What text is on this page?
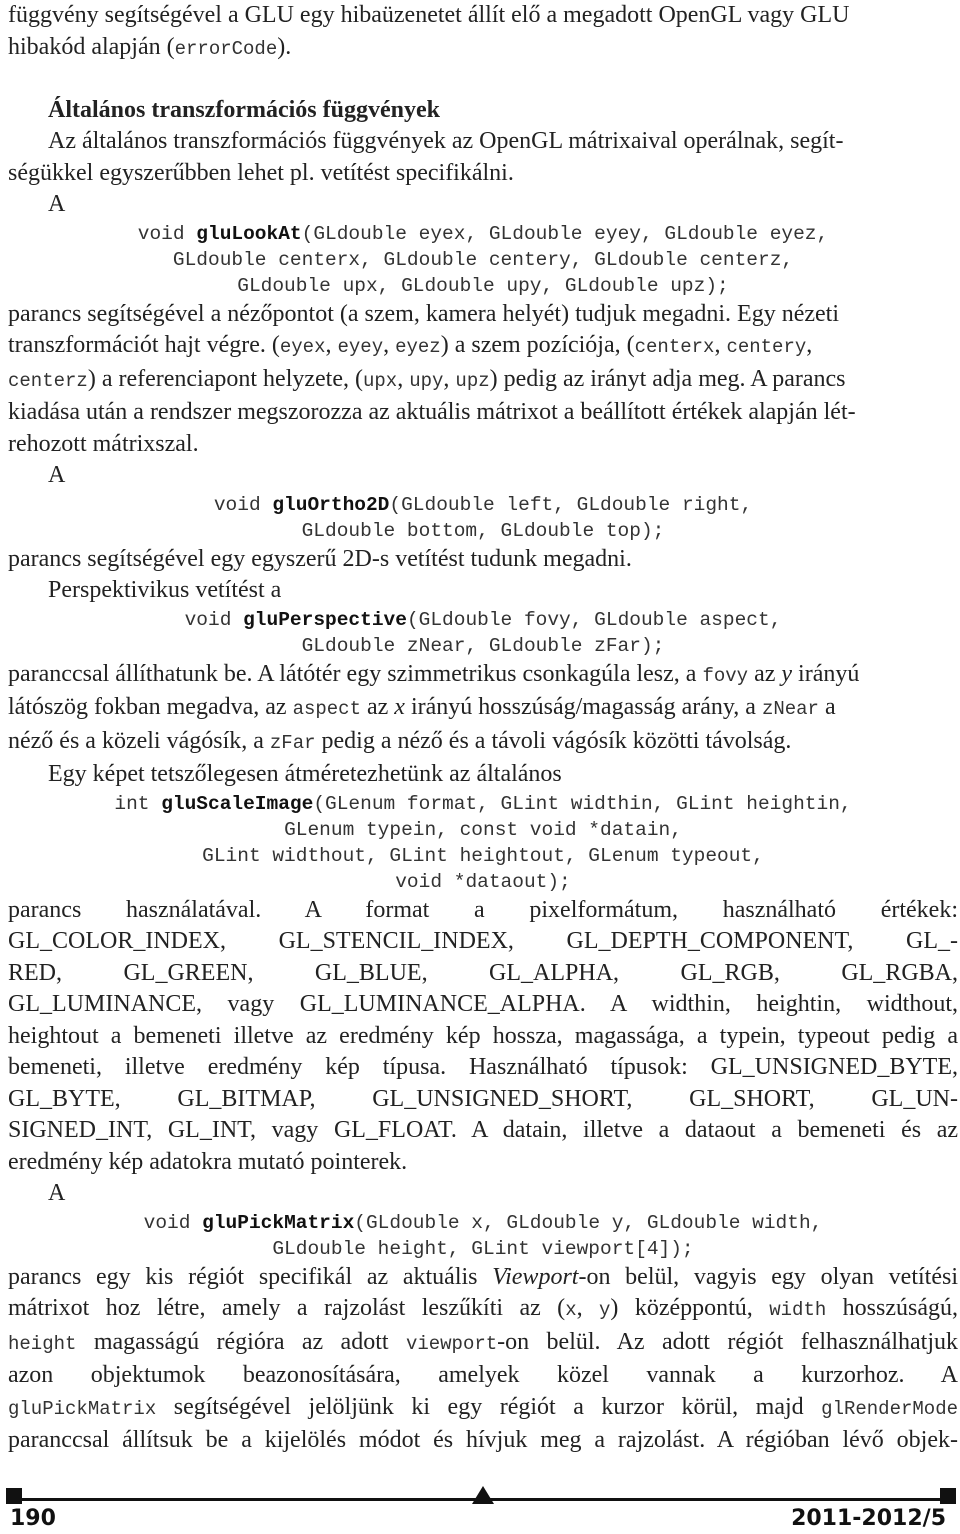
függvény segítségével a GLU egy hibaüzenetet állít elő a megadott OpenGL vagy GLU
hibakód alapján (errorCode).
Általános transzformációs függvények
Az általános transzformációs függvények az OpenGL mátrixaival operálnak, segít-
ségükkel egyszerűbben lehet pl. vetítést specifikálni.
A
void gluLookAt(GLdouble eyex, GLdouble eyey, GLdouble eyez,
GLdouble centerx, GLdouble centery, GLdouble centerz,
GLdouble upx, GLdouble upy, GLdouble upz);
parancs segítségével a nézőpontot (a szem, kamera helyét) tudjuk megadni. Egy nézeti
transzformációt hajt végre. (eyex, eyey, eyez) a szem pozíciója, (centerx, centery,
centerz) a referenciapont helyzete, (upx, upy, upz) pedig az irányt adja meg. A parancs
kiadása után a rendszer megszorozza az aktuális mátrixot a beállított értékek alapján lét-
rehozott mátrixszal.
A
void gluOrtho2D(GLdouble left, GLdouble right,
GLdouble bottom, GLdouble top);
parancs segítségével egy egyszerű 2D-s vetítést tudunk megadni.
Perspektivikus vetítést a
void gluPerspective(GLdouble fovy, GLdouble aspect,
GLdouble zNear, GLdouble zFar);
paranccsal állíthatunk be. A látótér egy szimmetrikus csonkagúla lesz, a fovy az y irányú
látószög fokban megadva, az aspect az x irányú hosszúság/magasság arány, a zNear a
néző és a közeli vágósík, a zFar pedig a néző és a távoli vágósík közötti távolság.
Egy képet tetszőlegesen átméretezhetünk az általános
int gluScaleImage(GLenum format, GLint widthin, GLint heightin,
GLenum typein, const void *datain,
GLint widthout, GLint heightout, GLenum typeout,
void *dataout);
parancs használatával. A format a pixelformátum, használható értékek:
GL_COLOR_INDEX, GL_STENCIL_INDEX, GL_DEPTH_COMPONENT, GL_-
RED, GL_GREEN, GL_BLUE, GL_ALPHA, GL_RGB, GL_RGBA,
GL_LUMINANCE, vagy GL_LUMINANCE_ALPHA. A widthin, heightin, widthout,
heightout a bemeneti illetve az eredmény kép hossza, magassága, a typein, typeout pedig a
bemeneti, illetve eredmény kép típusa. Használható típusok: GL_UNSIGNED_BYTE,
GL_BYTE, GL_BITMAP, GL_UNSIGNED_SHORT, GL_SHORT, GL_UN-
SIGNED_INT, GL_INT, vagy GL_FLOAT. A datain, illetve a dataout a bemeneti és az
eredmény kép adatokra mutató pointerek.
A
void gluPickMatrix(GLdouble x, GLdouble y, GLdouble width,
GLdouble height, GLint viewport[4]);
parancs egy kis régiót specifikál az aktuális Viewport-on belül, vagyis egy olyan vetítési
mátrixot hoz létre, amely a rajzolást leszűkíti az (x, y) középpontú, width hosszúságú,
height magasságú régióra az adott viewport-on belül. Az adott régiót felhasználhatjuk
azon objektumok beazonosítására, amelyek közel vannak a kurzorhoz. A
gluPickMatrix segítségével jelöljünk ki egy régiót a kurzor körül, majd glRenderMode
paranccsal állítsuk be a kijelölés módot és hívjuk meg a rajzolást. A régióban lévő objek-
190	2011-2012/5
